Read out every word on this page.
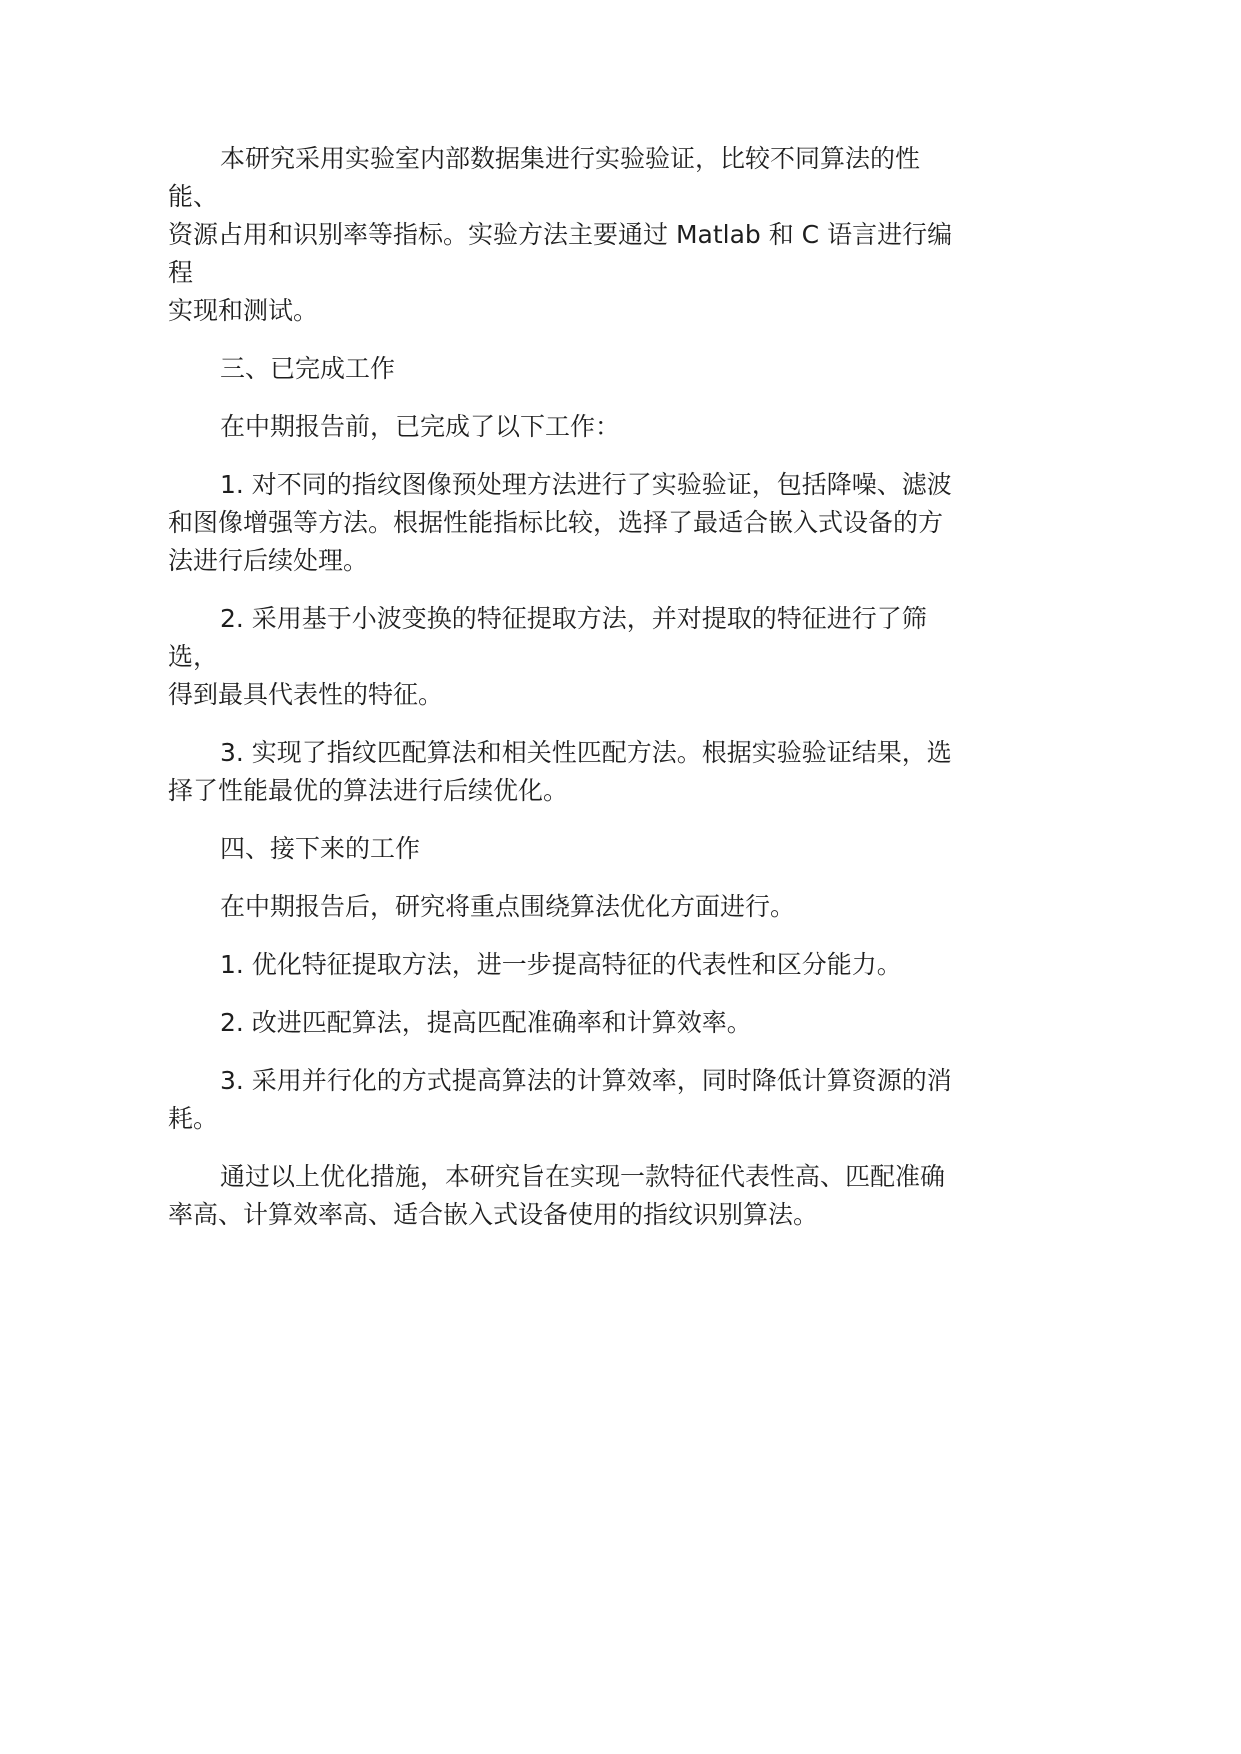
本研究采用实验室内部数据集进行实验验证，比较不同算法的性能、
资源占用和识别率等指标。实验方法主要通过 Matlab 和 C 语言进行编程
实现和测试。

三、已完成工作

在中期报告前，已完成了以下工作：

1. 对不同的指纹图像预处理方法进行了实验验证，包括降噪、滤波
和图像增强等方法。根据性能指标比较，选择了最适合嵌入式设备的方
法进行后续处理。

2. 采用基于小波变换的特征提取方法，并对提取的特征进行了筛选，
得到最具代表性的特征。

3. 实现了指纹匹配算法和相关性匹配方法。根据实验验证结果，选
择了性能最优的算法进行后续优化。

四、接下来的工作

在中期报告后，研究将重点围绕算法优化方面进行。

1. 优化特征提取方法，进一步提高特征的代表性和区分能力。

2. 改进匹配算法，提高匹配准确率和计算效率。

3. 采用并行化的方式提高算法的计算效率，同时降低计算资源的消
耗。

通过以上优化措施，本研究旨在实现一款特征代表性高、匹配准确
率高、计算效率高、适合嵌入式设备使用的指纹识别算法。
